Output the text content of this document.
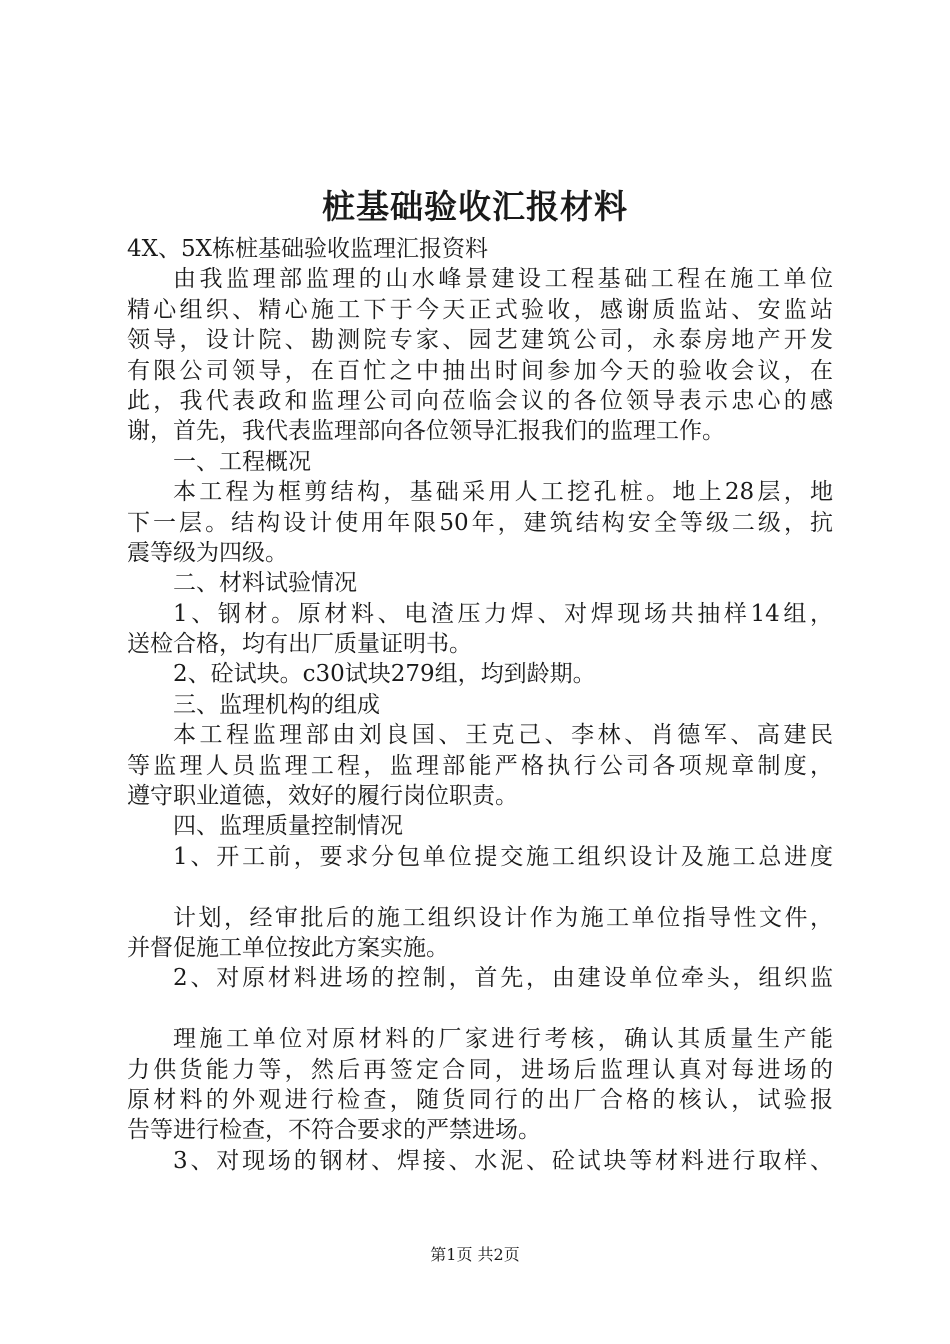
桩基础验收汇报材料
4X、5X栋桩基础验收监理汇报资料
由我监理部监理的山水峰景建设工程基础工程在施工单位
精心组织、精心施工下于今天正式验收，感谢质监站、安监站
领导，设计院、勘测院专家、园艺建筑公司，永泰房地产开发
有限公司领导，在百忙之中抽出时间参加今天的验收会议，在
此，我代表政和监理公司向莅临会议的各位领导表示忠心的感
谢，首先，我代表监理部向各位领导汇报我们的监理工作。
一、工程概况
本工程为框剪结构，基础采用人工挖孔桩。地上28层，地
下一层。结构设计使用年限50年，建筑结构安全等级二级，抗
震等级为四级。
二、材料试验情况
1、钢材。原材料、电渣压力焊、对焊现场共抽样14组，
送检合格，均有出厂质量证明书。
2、砼试块。c30试块279组，均到龄期。
三、监理机构的组成
本工程监理部由刘良国、王克己、李林、肖德军、高建民
等监理人员监理工程，监理部能严格执行公司各项规章制度，
遵守职业道德，效好的履行岗位职责。
四、监理质量控制情况
1、开工前，要求分包单位提交施工组织设计及施工总进度
计划，经审批后的施工组织设计作为施工单位指导性文件，
并督促施工单位按此方案实施。
2、对原材料进场的控制，首先，由建设单位牵头，组织监
理施工单位对原材料的厂家进行考核，确认其质量生产能
力供货能力等，然后再签定合同，进场后监理认真对每进场的
原材料的外观进行检查，随货同行的出厂合格的核认，试验报
告等进行检查，不符合要求的严禁进场。
3、对现场的钢材、焊接、水泥、砼试块等材料进行取样、
第1页 共2页
